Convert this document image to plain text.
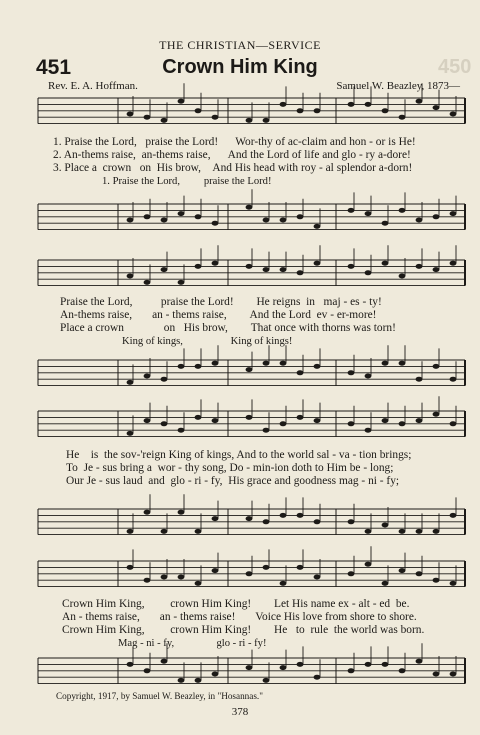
THE CHRISTIAN—SERVICE
451	Crown Him King	450
Rev. E. A. Hoffman.	Samuel W. Beazley, 1873—
1. Praise the Lord, praise the Lord! Wor-thy of ac-claim and hon - or is He!
2. An-thems raise, an-thems raise, And the Lord of life and glo - ry a-dore!
3. Place a crown on His brow, And His head with roy - al splendor a-dorn!
1. Praise the Lord, praise the Lord!
Praise the Lord, praise the Lord! He reigns in maj - es - ty!
An-thems raise, an - thems raise, And the Lord ev - er-more!
Place a crown	on His brow, That once with thorns was torn!
King of kings,	King of kings!
He is the sov-'reign King of kings, And to the world sal - va - tion brings;
To Je - sus bring a wor - thy song, Do - min-ion doth to Him be - long;
Our Je - sus laud and glo - ri - fy, His grace and goodness mag - ni - fy;
Crown Him King, crown Him King! Let His name ex - alt - ed be.
An - thems raise, an - thems raise! Voice His love from shore to shore.
Crown Him King, crown Him King! He to rule the world was born.
Mag - ni - fy,	glo - ri - fy!
Copyright, 1917, by Samuel W. Beazley, in "Hosannas."
378
